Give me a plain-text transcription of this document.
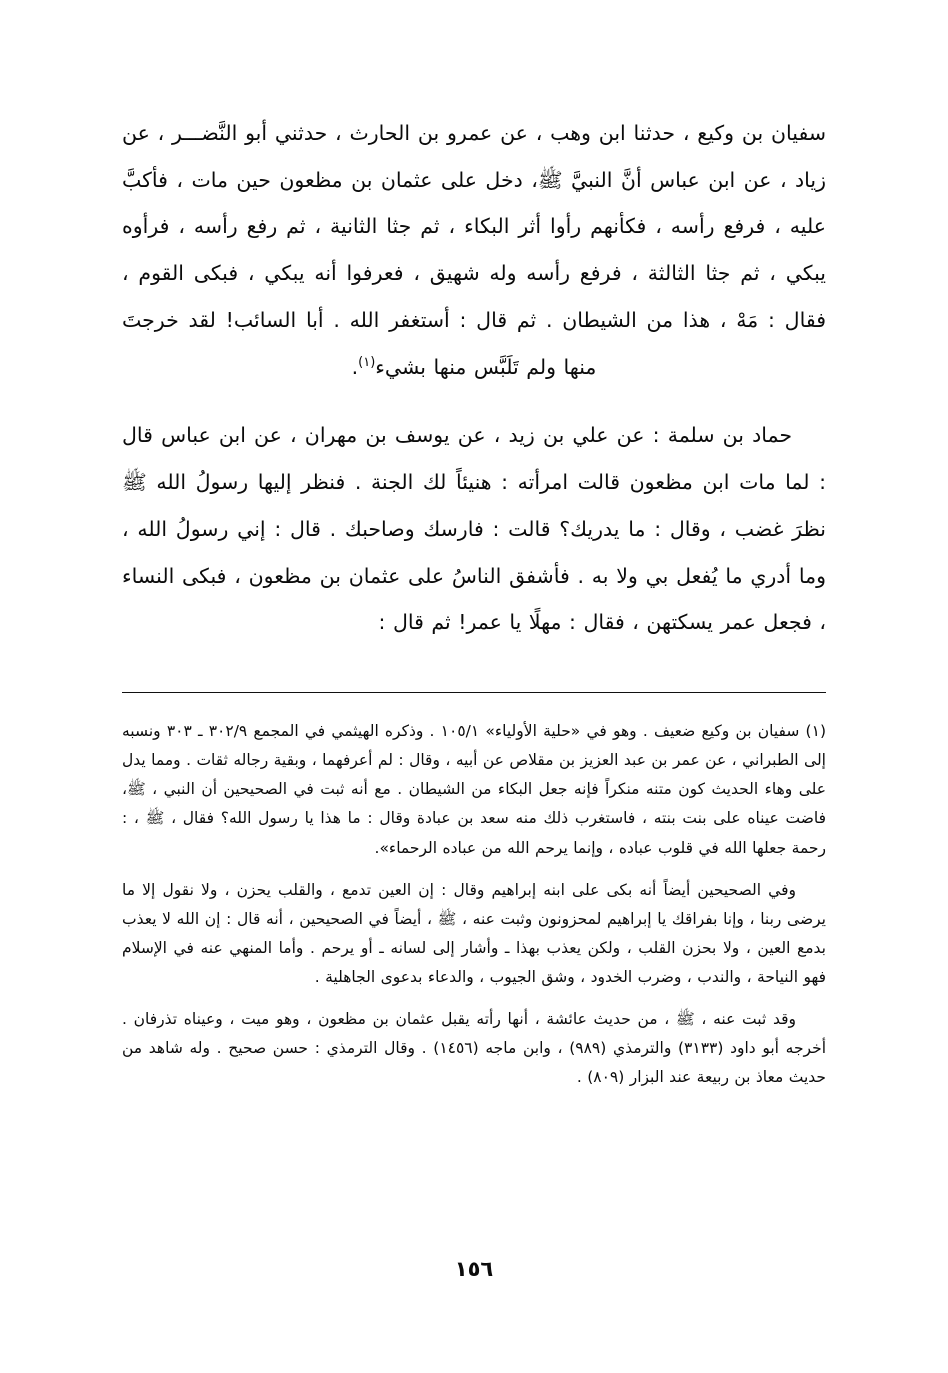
سفيان بن وكيع ، حدثنا ابن وهب ، عن عمرو بن الحارث ، حدثني أبو النَّضـــر ، عن زياد ، عن ابن عباس أنَّ النبيَّ ﷺ، دخل على عثمان بن مظعون حين مات ، فأكبَّ عليه ، فرفع رأسه ، فكأنهم رأوا أثر البكاء ، ثم جثا الثانية ، ثم رفع رأسه ، فرأوه يبكي ، ثم جثا الثالثة ، فرفع رأسه وله شهيق ، فعرفوا أنه يبكي ، فبكى القوم ، فقال : مَهْ ، هذا من الشيطان . ثم قال : أستغفر الله . أبا السائب! لقد خرجتَ منها ولم تَلَبَّس منها بشيء$^{(١)}$.

حماد بن سلمة : عن علي بن زيد ، عن يوسف بن مهران ، عن ابن عباس قال : لما مات ابن مظعون قالت امرأته : هنيئاً لك الجنة . فنظر إليها رسولُ الله ﷺ نظرَ غضب ، وقال : ما يدريك؟ قالت : فارسك وصاحبك . قال : إني رسولُ الله ، وما أدري ما يُفعل بي ولا به . فأشفق الناسُ على عثمان بن مظعون ، فبكى النساء ، فجعل عمر يسكتهن ، فقال : مهلًا يا عمر! ثم قال :

(١) سفيان بن وكيع ضعيف . وهو في «حلية الأولياء» ١٠٥/١ . وذكره الهيثمي في المجمع ٣٠٢/٩ ـ ٣٠٣ ونسبه إلى الطبراني ، عن عمر بن عبد العزيز بن مقلاص عن أبيه ، وقال : لم أعرفهما ، وبقية رجاله ثقات . ومما يدل على وهاء الحديث كون متنه منكراً فإنه جعل البكاء من الشيطان . مع أنه ثبت في الصحيحين أن النبي ، ﷺ، فاضت عيناه على بنت بنته ، فاستغرب ذلك منه سعد بن عبادة وقال : ما هذا يا رسول الله؟ فقال ، ﷺ ، : رحمة جعلها الله في قلوب عباده ، وإنما يرحم الله من عباده الرحماء».

وفي الصحيحين أيضاً أنه بكى على ابنه إبراهيم وقال : إن العين تدمع ، والقلب يحزن ، ولا نقول إلا ما يرضى ربنا ، وإنا بفراقك يا إبراهيم لمحزونون وثبت عنه ، ﷺ ، أيضاً في الصحيحين ، أنه قال : إن الله لا يعذب بدمع العين ، ولا بحزن القلب ، ولكن يعذب بهذا ـ وأشار إلى لسانه ـ أو يرحم . وأما المنهي عنه في الإسلام فهو النياحة ، والندب ، وضرب الخدود ، وشق الجيوب ، والدعاء بدعوى الجاهلية .

وقد ثبت عنه ، ﷺ ، من حديث عائشة ، أنها رأته يقبل عثمان بن مظعون ، وهو ميت ، وعيناه تذرفان . أخرجه أبو داود (٣١٣٣) والترمذي (٩٨٩) ، وابن ماجه (١٤٥٦) . وقال الترمذي : حسن صحيح . وله شاهد من حديث معاذ بن ربيعة عند البزار (٨٠٩) .

١٥٦
